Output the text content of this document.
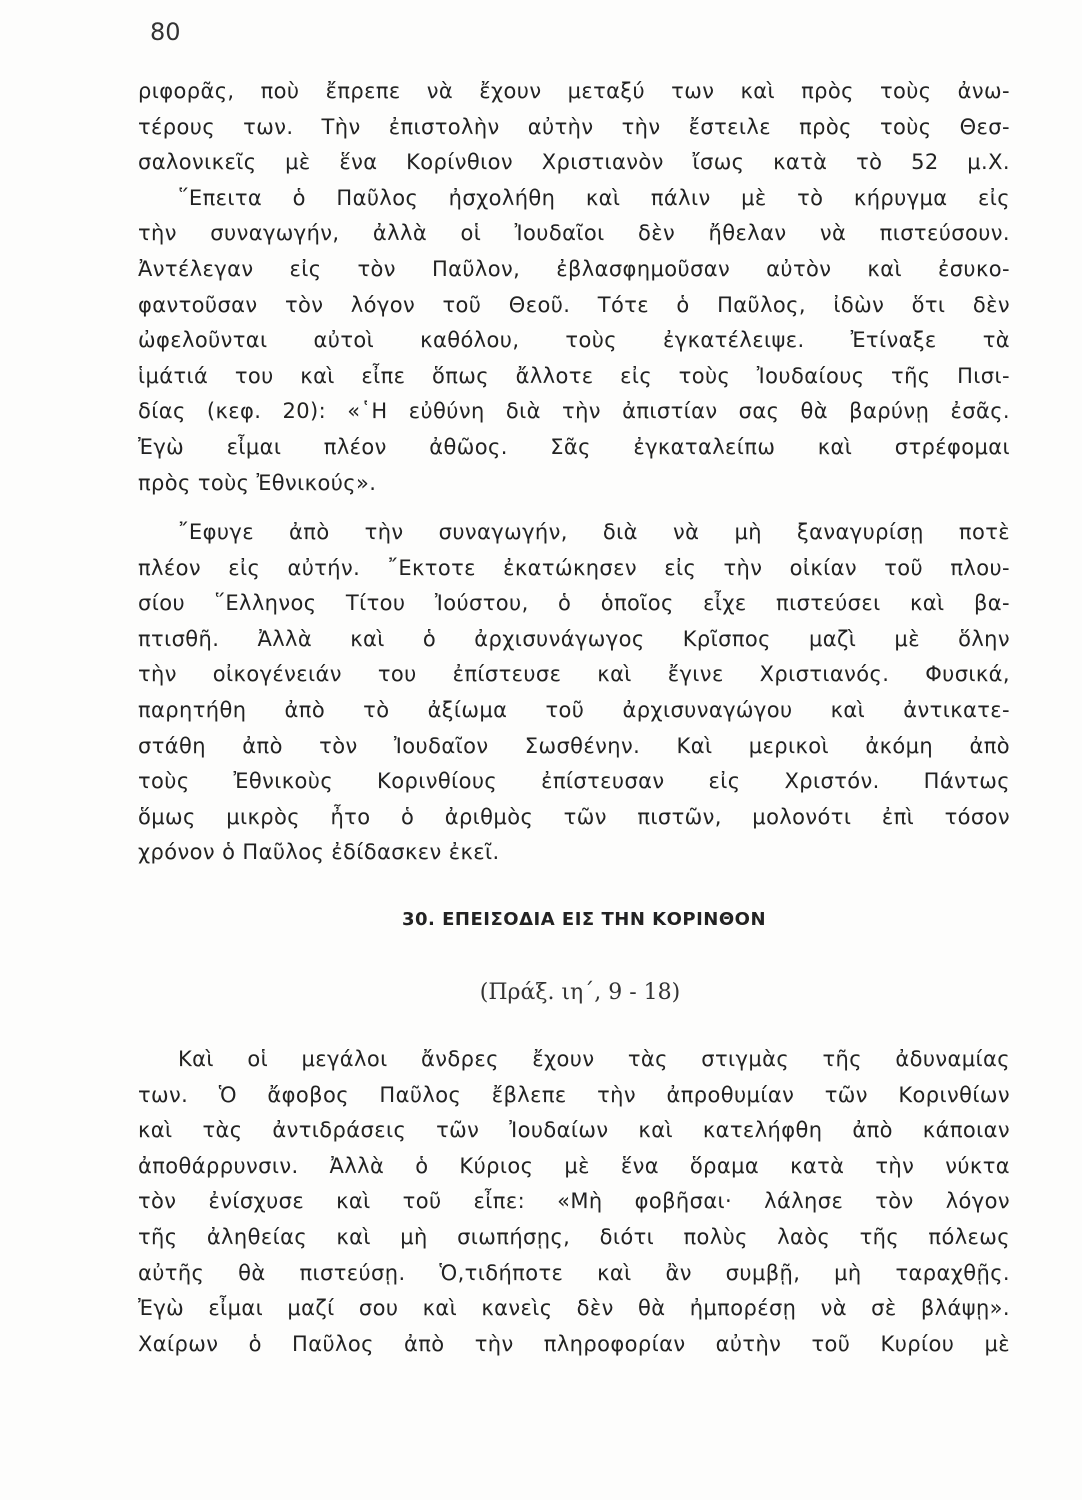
80
ριφορᾶς, ποὺ ἔπρεπε νὰ ἔχουν μεταξύ των καὶ πρὸς τοὺς ἀνω-
τέρους των. Τὴν ἐπιστολὴν αὐτὴν τὴν ἔστειλε πρὸς τοὺς Θεσ-
σαλονικεῖς μὲ ἕνα Κορίνθιον Χριστιανὸν ἴσως κατὰ τὸ 52 μ.Χ.
῞Επειτα ὁ Παῦλος ἠσχολήθη καὶ πάλιν μὲ τὸ κήρυγμα εἰς
τὴν συναγωγήν, ἀλλὰ οἱ Ἰουδαῖοι δὲν ἤθελαν νὰ πιστεύσουν.
Ἀντέλεγαν εἰς τὸν Παῦλον, ἐβλασφημοῦσαν αὐτὸν καὶ ἐσυκο-
φαντοῦσαν τὸν λόγον τοῦ Θεοῦ. Τότε ὁ Παῦλος, ἰδὼν ὅτι δὲν
ὠφελοῦνται αὐτοὶ καθόλου, τοὺς ἐγκατέλειψε. Ἐτίναξε τὰ
ἱμάτιά του καὶ εἶπε ὅπως ἄλλοτε εἰς τοὺς Ἰουδαίους τῆς Πισι-
δίας (κεφ. 20): «῾Η εὐθύνη διὰ τὴν ἀπιστίαν σας θὰ βαρύνῃ ἐσᾶς.
Ἐγὼ εἶμαι πλέον ἀθῶος. Σᾶς ἐγκαταλείπω καὶ στρέφομαι
πρὸς τοὺς Ἐθνικούς».
῎Εφυγε ἀπὸ τὴν συναγωγήν, διὰ νὰ μὴ ξαναγυρίσῃ ποτὲ
πλέον εἰς αὐτήν. ῎Εκτοτε ἐκατώκησεν εἰς τὴν οἰκίαν τοῦ πλου-
σίου ῞Ελληνος Τίτου Ἰούστου, ὁ ὁποῖος εἶχε πιστεύσει καὶ βα-
πτισθῆ. Ἀλλὰ καὶ ὁ ἀρχισυνάγωγος Κρῖσπος μαζὶ μὲ ὅλην
τὴν οἰκογένειάν του ἐπίστευσε καὶ ἔγινε Χριστιανός. Φυσικά,
παρητήθη ἀπὸ τὸ ἀξίωμα τοῦ ἀρχισυναγώγου καὶ ἀντικατε-
στάθη ἀπὸ τὸν Ἰουδαῖον Σωσθένην. Καὶ μερικοὶ ἀκόμη ἀπὸ
τοὺς Ἐθνικοὺς Κορινθίους ἐπίστευσαν εἰς Χριστόν. Πάντως
ὅμως μικρὸς ἦτο ὁ ἀριθμὸς τῶν πιστῶν, μολονότι ἐπὶ τόσον
χρόνον ὁ Παῦλος ἐδίδασκεν ἐκεῖ.
30. ΕΠΕΙΣΟΔΙΑ ΕΙΣ ΤΗΝ ΚΟΡΙΝΘΟΝ
(Πράξ. ιη΄, 9 - 18)
Καὶ οἱ μεγάλοι ἄνδρες ἔχουν τὰς στιγμὰς τῆς ἀδυναμίας
των. Ὁ ἄφοβος Παῦλος ἔβλεπε τὴν ἀπροθυμίαν τῶν Κορινθίων
καὶ τὰς ἀντιδράσεις τῶν Ἰουδαίων καὶ κατελήφθη ἀπὸ κάποιαν
ἀποθάρρυνσιν. Ἀλλὰ ὁ Κύριος μὲ ἕνα ὅραμα κατὰ τὴν νύκτα
τὸν ἐνίσχυσε καὶ τοῦ εἶπε: «Μὴ φοβῆσαι· λάλησε τὸν λόγον
τῆς ἀληθείας καὶ μὴ σιωπήσῃς, διότι πολὺς λαὸς τῆς πόλεως
αὐτῆς θὰ πιστεύσῃ. Ὁ,τιδήποτε καὶ ἂν συμβῇ, μὴ ταραχθῇς.
Ἐγὼ εἶμαι μαζί σου καὶ κανεὶς δὲν θὰ ἠμπορέσῃ νὰ σὲ βλάψῃ».
Χαίρων ὁ Παῦλος ἀπὸ τὴν πληροφορίαν αὐτὴν τοῦ Κυρίου μὲ
